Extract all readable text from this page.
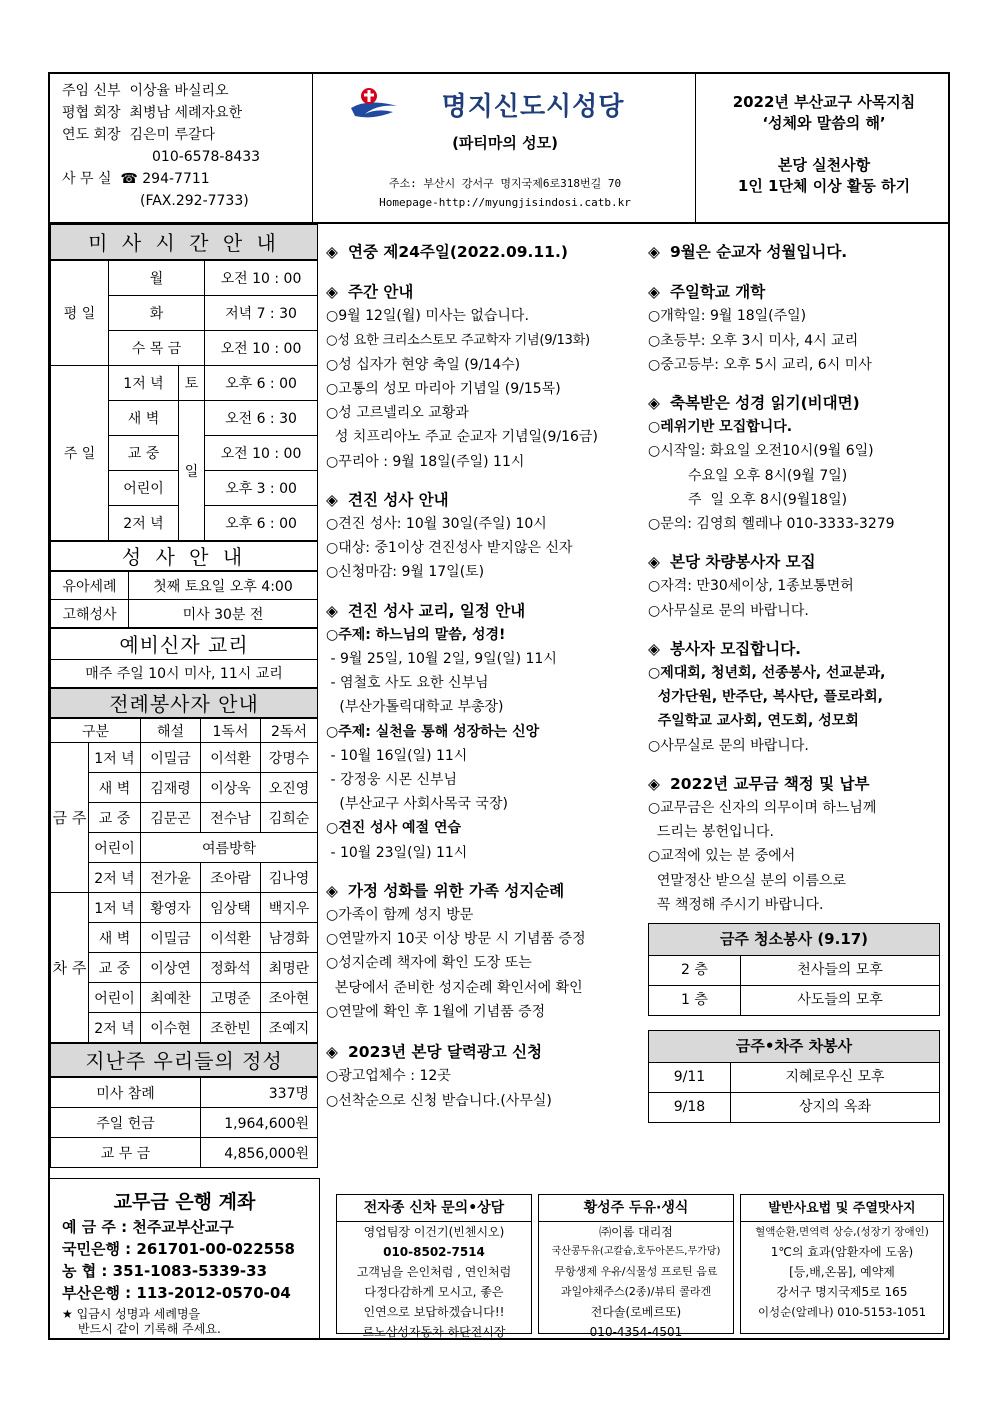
주임 신부 이상율 바실리오
평협 회장 최병남 세례자요한
연도 회장 김은미 루갈다
010-6578-8433
사 무 실 ☎ 294-7711
(FAX.292-7733)
명지신도시성당
(파티마의 성모)
주소: 부산시 강서구 명지국제6로318번길 70
Homepage-http://myungjisindosi.catb.kr
2022년 부산교구 사목지침
‘성체와 말씀의 해’
본당 실천사항
1인 1단체 이상 활동 하기
미 사 시 간 안 내
평 일	월		오전 10 : 00
	화		저녁 7 : 30
	수 목 금		오전 10 : 00
주 일	1저 녁	토	오후 6 : 00
	새 벽	일	오전 6 : 30
	교 중		오전 10 : 00
	어린이		오후 3 : 00
	2저 녁		오후 6 : 00
성 사 안 내
유아세례	첫째 토요일 오후 4:00
고해성사	미사 30분 전
예비신자 교리
매주 주일 10시 미사, 11시 교리
전례봉사자 안내
구분		해설	1독서	2독서
금 주	1저 녁	이밀금	이석환	강명수
	새 벽	김재령	이상욱	오진영
	교 중	김문곤	전수남	김희순
	어린이	여름방학		
	2저 녁	전가윤	조아람	김나영
차 주	1저 녁	황영자	임상택	백지우
	새 벽	이밀금	이석환	남경화
	교 중	이상연	정화석	최명란
	어린이	최예찬	고명준	조아현
	2저 녁	이수현	조한빈	조예지
지난주 우리들의 정성
미사 참례	337명
주일 헌금	1,964,600원
교 무 금	4,856,000원
교무금 은행 계좌
예 금 주 : 천주교부산교구
국민은행 : 261701-00-022558
농 협 : 351-1083-5339-33
부산은행 : 113-2012-0570-04
★ 입금시 성명과 세례명을
반드시 같이 기록해 주세요.
◈ 연중 제24주일(2022.09.11.)
◈ 주간 안내
○9월 12일(월) 미사는 없습니다.
○성 요한 크리소스토모 주교학자 기념(9/13화)
○성 십자가 현양 축일 (9/14수)
○고통의 성모 마리아 기념일 (9/15목)
○성 고르넬리오 교황과
성 치프리아노 주교 순교자 기념일(9/16금)
○꾸리아 : 9월 18일(주일) 11시
◈ 견진 성사 안내
○견진 성사: 10월 30일(주일) 10시
○대상: 중1이상 견진성사 받지않은 신자
○신청마감: 9월 17일(토)
◈ 견진 성사 교리, 일정 안내
○주제: 하느님의 말씀, 성경!
- 9월 25일, 10월 2일, 9일(일) 11시
- 염철호 사도 요한 신부님
(부산가톨릭대학교 부총장)
○주제: 실천을 통해 성장하는 신앙
- 10월 16일(일) 11시
- 강정웅 시몬 신부님
(부산교구 사회사목국 국장)
○견진 성사 예절 연습
- 10월 23일(일) 11시
◈ 가정 성화를 위한 가족 성지순례
○가족이 함께 성지 방문
○연말까지 10곳 이상 방문 시 기념품 증정
○성지순례 책자에 확인 도장 또는
본당에서 준비한 성지순례 확인서에 확인
○연말에 확인 후 1월에 기념품 증정
◈ 2023년 본당 달력광고 신청
○광고업체수 : 12곳
○선착순으로 신청 받습니다.(사무실)
◈ 9월은 순교자 성월입니다.
◈ 주일학교 개학
○개학일: 9월 18일(주일)
○초등부: 오후 3시 미사, 4시 교리
○중고등부: 오후 5시 교리, 6시 미사
◈ 축복받은 성경 읽기(비대면)
○레위기반 모집합니다.
○시작일: 화요일 오전10시(9월 6일)
수요일 오후 8시(9월 7일)
주  일 오후 8시(9월18일)
○문의: 김영희 헬레나 010-3333-3279
◈ 본당 차량봉사자 모집
○자격: 만30세이상, 1종보통면허
○사무실로 문의 바랍니다.
◈ 봉사자 모집합니다.
○제대회, 청년회, 선종봉사, 선교분과,
성가단원, 반주단, 복사단, 플로라회,
주일학교 교사회, 연도회, 성모회
○사무실로 문의 바랍니다.
◈ 2022년 교무금 책정 및 납부
○교무금은 신자의 의무이며 하느님께
드리는 봉헌입니다.
○교적에 있는 분 중에서
연말정산 받으실 분의 이름으로
꼭 책정해 주시기 바랍니다.
금주 청소봉사 (9.17)	
2 층	천사들의 모후
1 층	사도들의 모후
금주•차주 차봉사	
9/11	지혜로우신 모후
9/18	상지의 옥좌
전자종 신차 문의•상담
영업팀장 이건기(빈첸시오)
010-8502-7514
고객님을 은인처럼 , 연인처럼
다정다감하게 모시고, 좋은
인연으로 보답하겠습니다!!
르노삼성자동차 하단전시장
황성주 두유·생식
㈜이롬 대리점
국산콩두유(고칼슘,호두아몬드,무가당)
무항생제 우유/식물성 프로틴 음료
과일야채주스(2종)/뷰티 콜라겐
전다솔(로베르또)
010-4354-4501
발반사요법 및 주열맛사지
혈액순환,면역력 상승,(성장기 장애인)
1℃의 효과(암환자에 도움)
[등,배,온몸], 예약제
강서구 명지국제5로 165
이성순(알레나) 010-5153-1051
